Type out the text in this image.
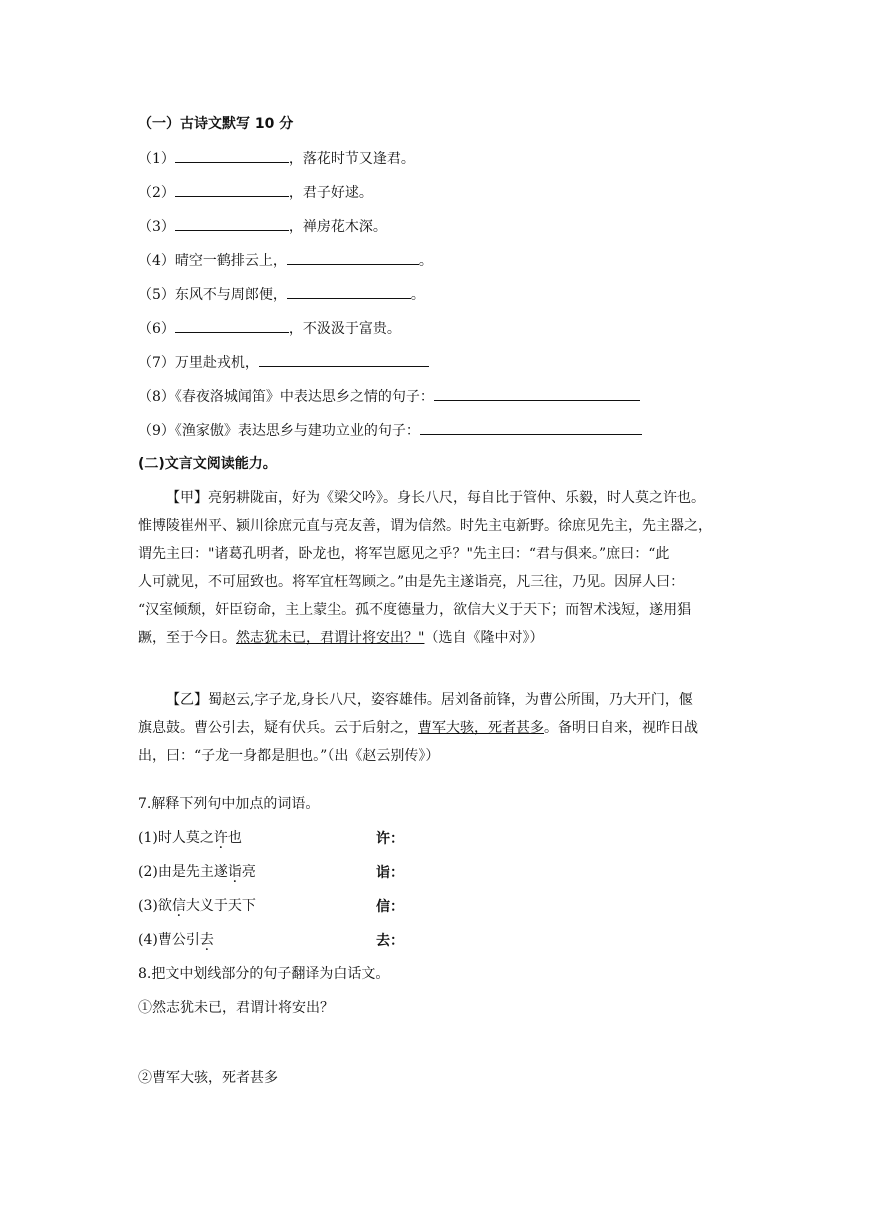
（一）古诗文默写 10 分
（1）	，落花时节又逢君。
（2）	，君子好逑。
（3）	，禅房花木深。
（4）晴空一鹤排云上，	。
（5）东风不与周郎便，	。
（6）	，不汲汲于富贵。
（7）万里赴戎机，
（8）《春夜洛城闻笛》中表达思乡之情的句子：
（9）《渔家傲》表达思乡与建功立业的句子：
(二)文言文阅读能力。
【甲】亮躬耕陇亩，好为《梁父吟》。身长八尺，每自比于管仲、乐毅，时人莫之许也。
惟博陵崔州平、颍川徐庶元直与亮友善，谓为信然。时先主屯新野。徐庶见先主，先主器之，
谓先主曰："诸葛孔明者，卧龙也，将军岂愿见之乎？"先主曰：“君与俱来。”庶曰：“此
人可就见，不可屈致也。将军宜枉驾顾之。”由是先主遂诣亮，凡三往，乃见。因屏人曰：
“汉室倾颓，奸臣窃命，主上蒙尘。孤不度德量力，欲信大义于天下；而智术浅短，遂用猖
蹶，至于今日。然志犹未已，君谓计将安出？"（选自《隆中对》）
【乙】蜀赵云,字子龙,身长八尺，姿容雄伟。居刘备前锋，为曹公所围，乃大开门，偃
旗息鼓。曹公引去，疑有伏兵。云于后射之，曹军大骇，死者甚多。备明日自来，视昨日战
出，曰：“子龙一身都是胆也。”（出《赵云别传》）
7.解释下列句中加点的词语。
(1)时人莫之许也	许：
(2)由是先主遂诣亮	诣：
(3)欲信大义于天下	信：
(4)曹公引去	去：
8.把文中划线部分的句子翻译为白话文。
①然志犹未已，君谓计将安出？
②曹军大骇，死者甚多
